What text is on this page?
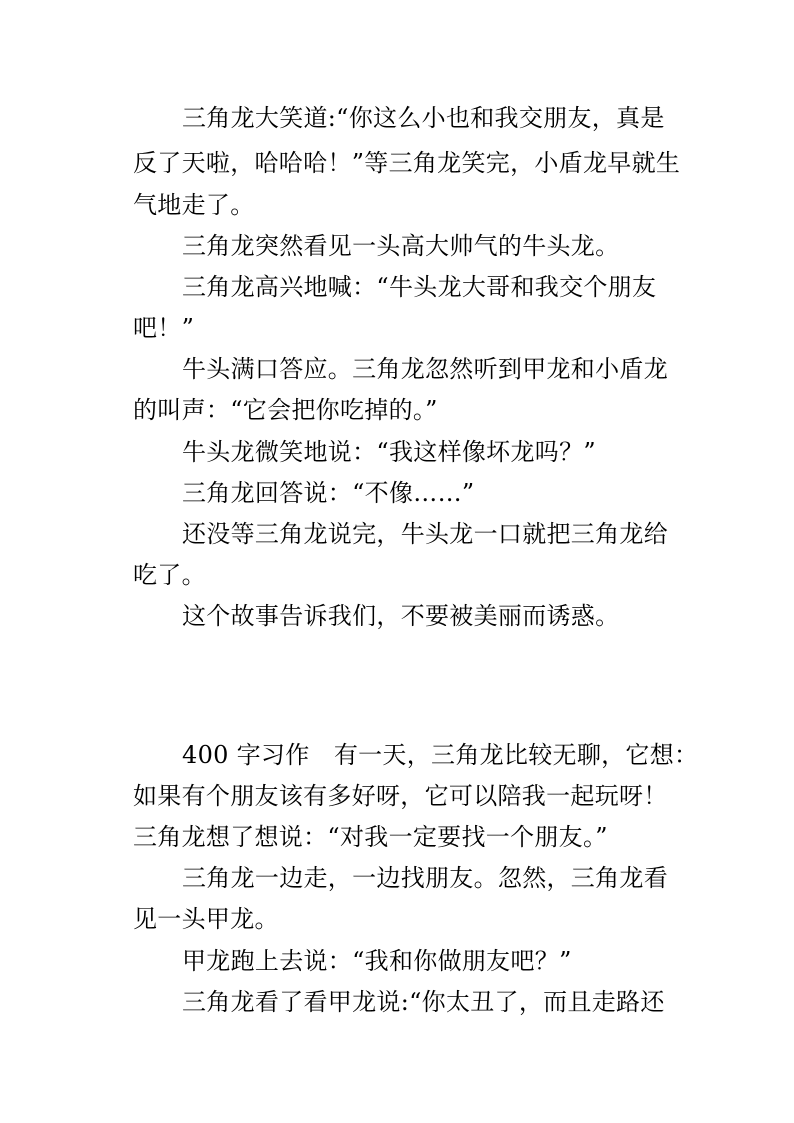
三角龙大笑道:“你这么小也和我交朋友，真是

反了天啦，哈哈哈！”等三角龙笑完，小盾龙早就生

气地走了。

三角龙突然看见一头高大帅气的牛头龙。

三角龙高兴地喊：“牛头龙大哥和我交个朋友

吧！”

牛头满口答应。三角龙忽然听到甲龙和小盾龙

的叫声：“它会把你吃掉的。”

牛头龙微笑地说：“我这样像坏龙吗？”

三角龙回答说：“不像……”

还没等三角龙说完，牛头龙一口就把三角龙给

吃了。

这个故事告诉我们，不要被美丽而诱惑。

400 字习作　有一天，三角龙比较无聊，它想：

如果有个朋友该有多好呀，它可以陪我一起玩呀！

三角龙想了想说：“对我一定要找一个朋友。”

三角龙一边走，一边找朋友。忽然，三角龙看

见一头甲龙。

甲龙跑上去说：“我和你做朋友吧？”

三角龙看了看甲龙说:“你太丑了，而且走路还
